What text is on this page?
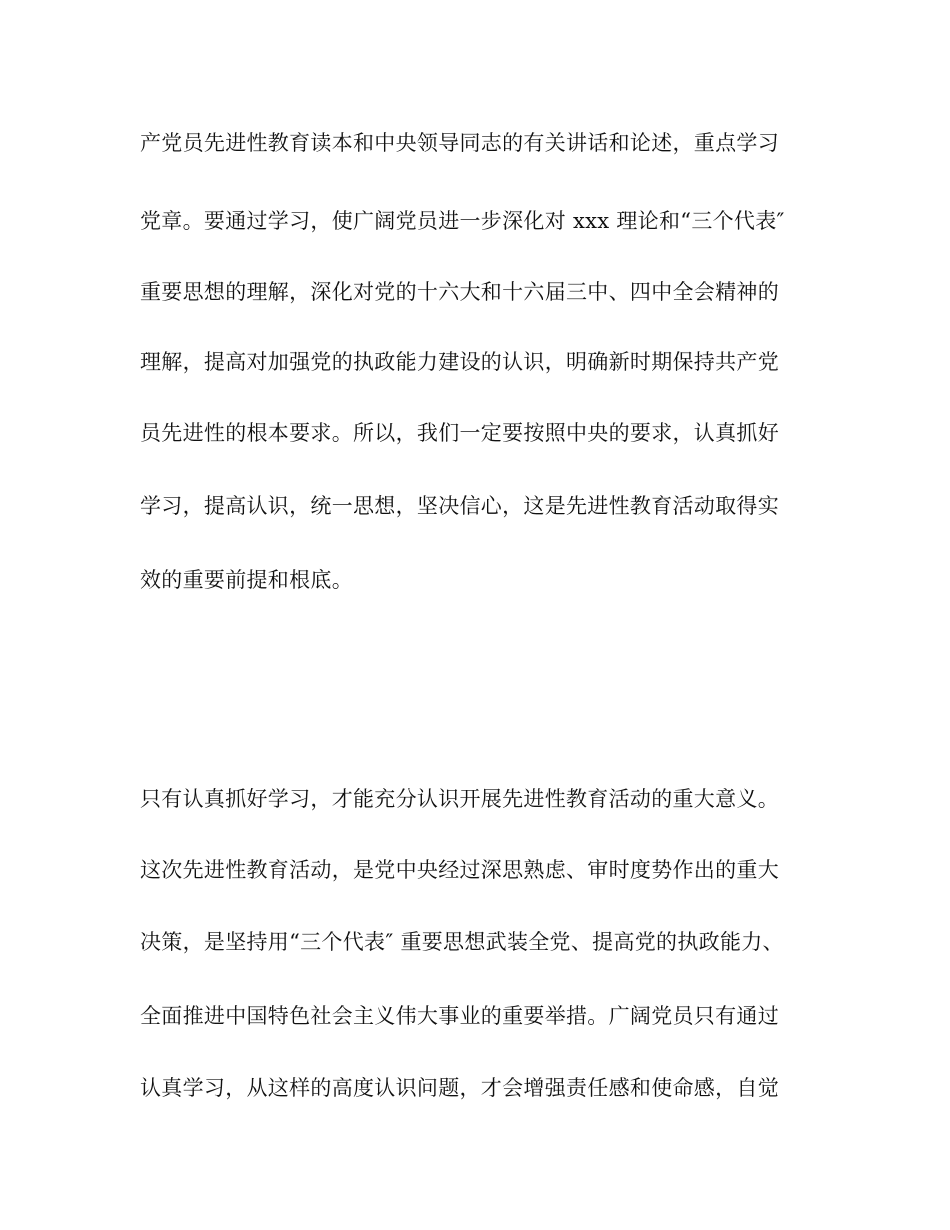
产党员先进性教育读本和中央领导同志的有关讲话和论述，重点学习
党章。要通过学习，使广阔党员进一步深化对 xxx 理论和“三个代表″
重要思想的理解，深化对党的十六大和十六届三中、四中全会精神的
理解，提高对加强党的执政能力建设的认识，明确新时期保持共产党
员先进性的根本要求。所以，我们一定要按照中央的要求，认真抓好
学习，提高认识，统一思想，坚决信心，这是先进性教育活动取得实
效的重要前提和根底。
只有认真抓好学习，才能充分认识开展先进性教育活动的重大意义。
这次先进性教育活动，是党中央经过深思熟虑、审时度势作出的重大
决策，是坚持用“三个代表″ 重要思想武装全党、提高党的执政能力、
全面推进中国特色社会主义伟大事业的重要举措。广阔党员只有通过
认真学习，从这样的高度认识问题，才会增强责任感和使命感，自觉
